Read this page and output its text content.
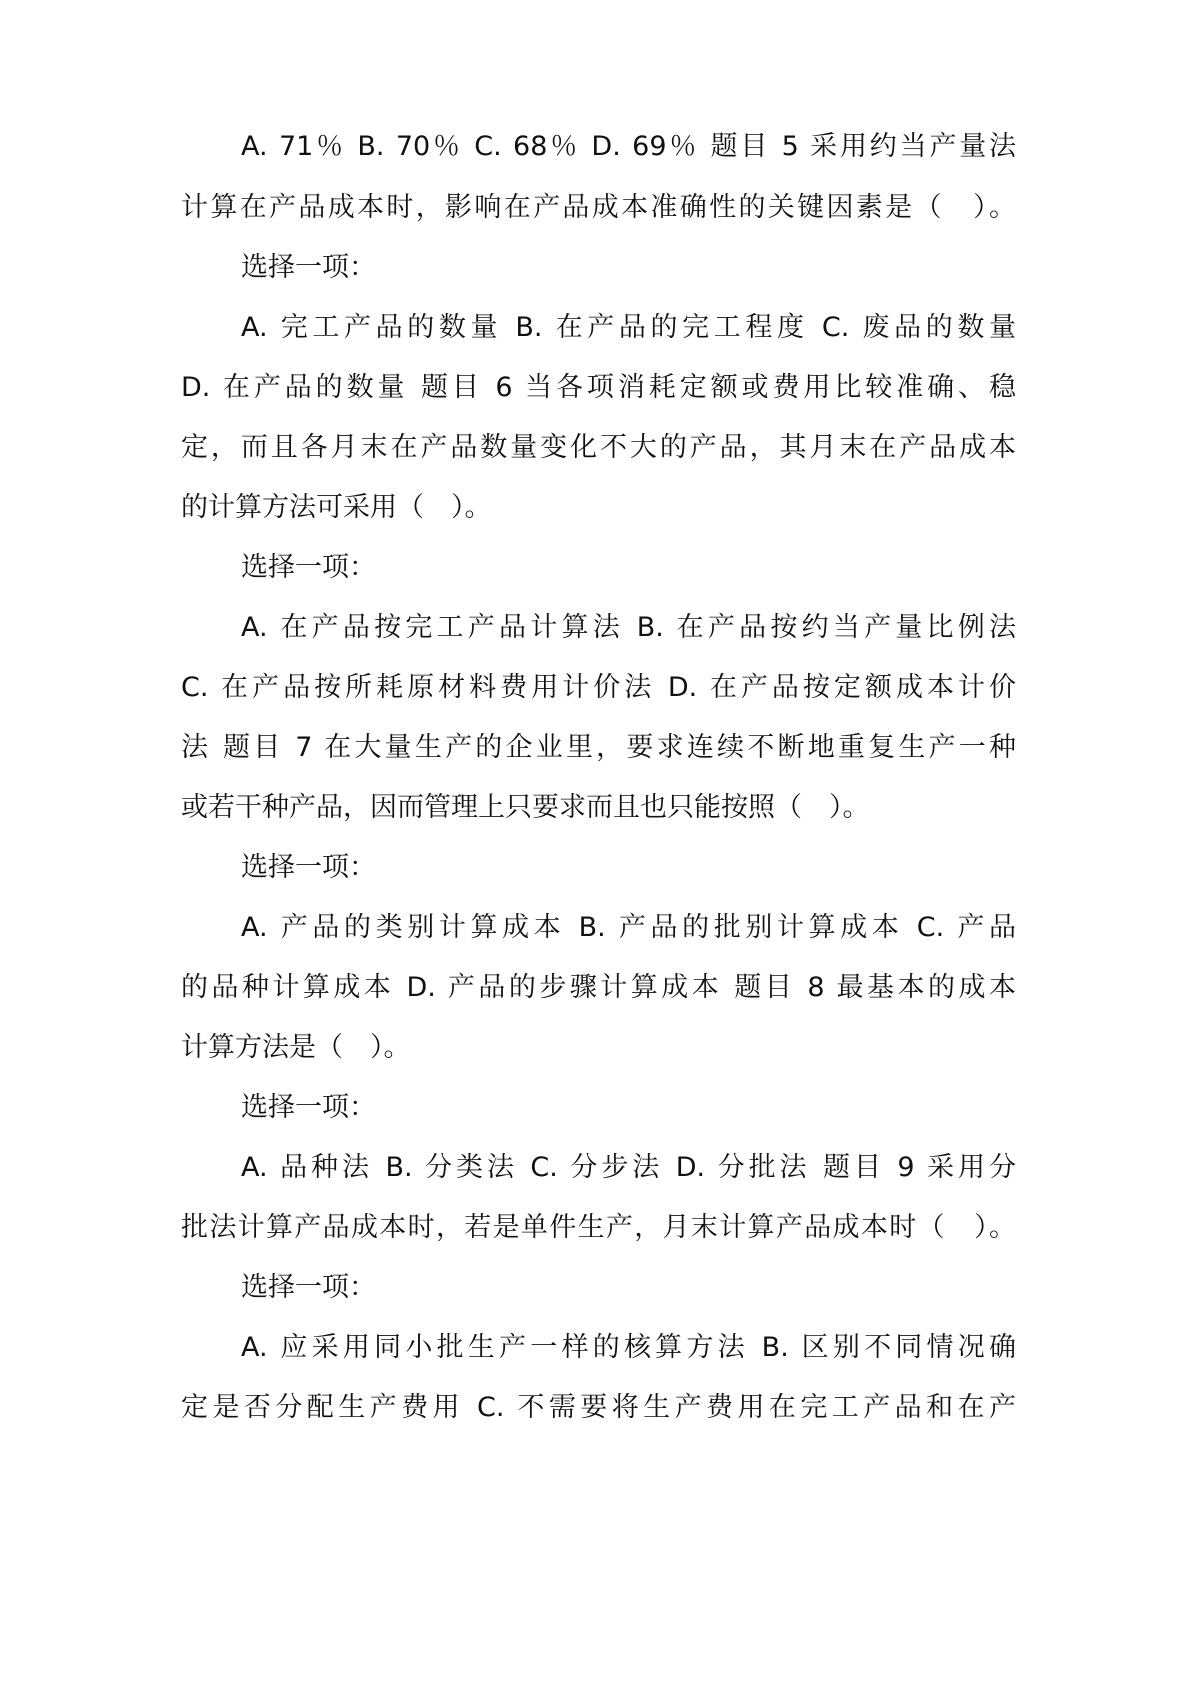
A. 71％ B. 70％ C. 68％ D. 69％ 题目 5 采用约当产量法
计算在产品成本时，影响在产品成本准确性的关键因素是（　）。
选择一项：
A. 完工产品的数量 B. 在产品的完工程度 C. 废品的数量
D. 在产品的数量 题目 6 当各项消耗定额或费用比较准确、稳
定，而且各月末在产品数量变化不大的产品，其月末在产品成本
的计算方法可采用（　）。
选择一项：
A. 在产品按完工产品计算法 B. 在产品按约当产量比例法
C. 在产品按所耗原材料费用计价法 D. 在产品按定额成本计价
法 题目 7 在大量生产的企业里，要求连续不断地重复生产一种
或若干种产品，因而管理上只要求而且也只能按照（　）。
选择一项：
A. 产品的类别计算成本 B. 产品的批别计算成本 C. 产品
的品种计算成本 D. 产品的步骤计算成本 题目 8 最基本的成本
计算方法是（　）。
选择一项：
A. 品种法 B. 分类法 C. 分步法 D. 分批法 题目 9 采用分
批法计算产品成本时，若是单件生产，月末计算产品成本时（　）。
选择一项：
A. 应采用同小批生产一样的核算方法 B. 区别不同情况确
定是否分配生产费用 C. 不需要将生产费用在完工产品和在产
